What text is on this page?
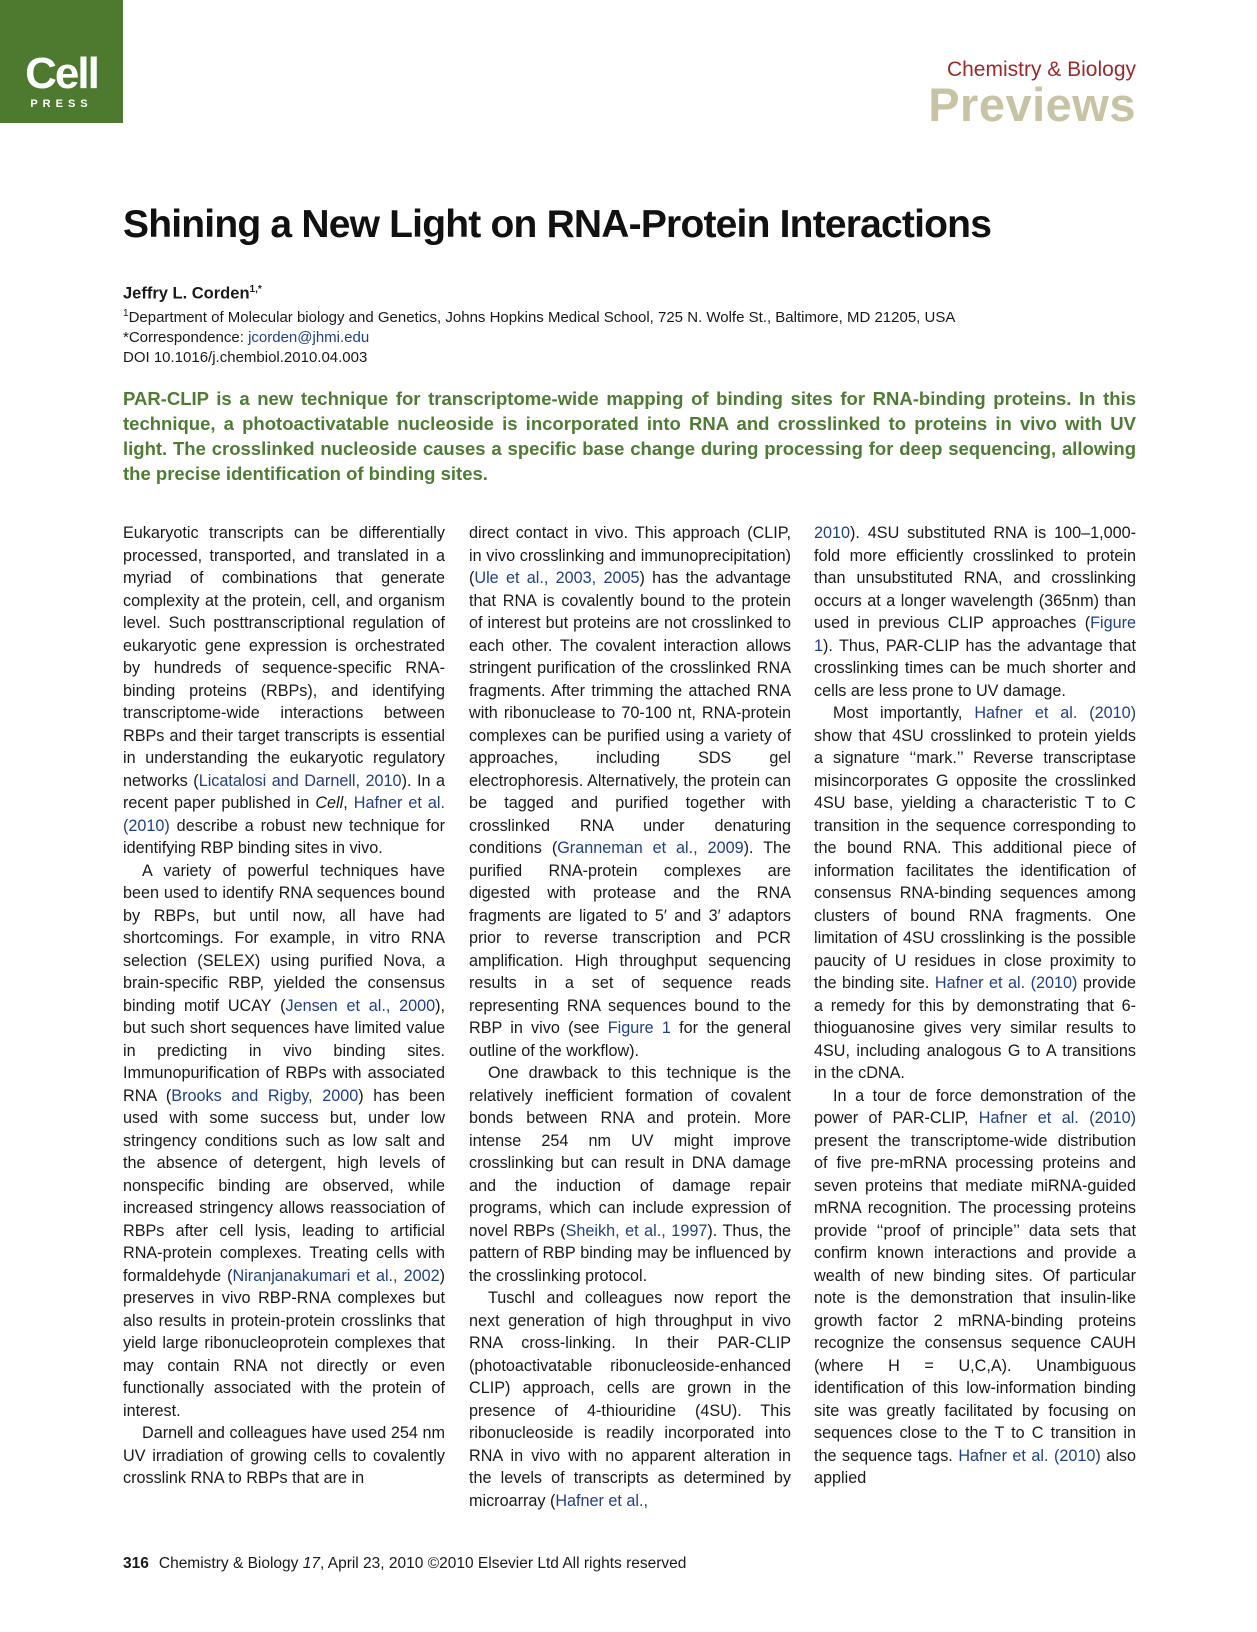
Cell
PRESS
Chemistry & Biology
Previews
Shining a New Light on RNA-Protein Interactions
Jeffry L. Corden$^{1,*}$
$^1$Department of Molecular biology and Genetics, Johns Hopkins Medical School, 725 N. Wolfe St., Baltimore, MD 21205, USA
*Correspondence: jcorden@jhmi.edu
DOI 10.1016/j.chembiol.2010.04.003

PAR-CLIP is a new technique for transcriptome-wide mapping of binding sites for RNA-binding proteins. In this technique, a photoactivatable nucleoside is incorporated into RNA and crosslinked to proteins in vivo with UV light. The crosslinked nucleoside causes a specific base change during processing for deep sequencing, allowing the precise identification of binding sites.

Eukaryotic transcripts can be differentially processed, transported, and translated in a myriad of combinations that generate complexity at the protein, cell, and organism level. Such posttranscriptional regulation of eukaryotic gene expression is orchestrated by hundreds of sequence-specific RNA-binding proteins (RBPs), and identifying transcriptome-wide interactions between RBPs and their target transcripts is essential in understanding the eukaryotic regulatory networks (Licatalosi and Darnell, 2010). In a recent paper published in Cell, Hafner et al. (2010) describe a robust new technique for identifying RBP binding sites in vivo.

A variety of powerful techniques have been used to identify RNA sequences bound by RBPs, but until now, all have had shortcomings. For example, in vitro RNA selection (SELEX) using purified Nova, a brain-specific RBP, yielded the consensus binding motif UCAY (Jensen et al., 2000), but such short sequences have limited value in predicting in vivo binding sites. Immunopurification of RBPs with associated RNA (Brooks and Rigby, 2000) has been used with some success but, under low stringency conditions such as low salt and the absence of detergent, high levels of nonspecific binding are observed, while increased stringency allows reassociation of RBPs after cell lysis, leading to artificial RNA-protein complexes. Treating cells with formaldehyde (Niranjanakumari et al., 2002) preserves in vivo RBP-RNA complexes but also results in protein-protein crosslinks that yield large ribonucleoprotein complexes that may contain RNA not directly or even functionally associated with the protein of interest.

Darnell and colleagues have used 254 nm UV irradiation of growing cells to covalently crosslink RNA to RBPs that are in

direct contact in vivo. This approach (CLIP, in vivo crosslinking and immunoprecipitation) (Ule et al., 2003, 2005) has the advantage that RNA is covalently bound to the protein of interest but proteins are not crosslinked to each other. The covalent interaction allows stringent purification of the crosslinked RNA fragments. After trimming the attached RNA with ribonuclease to 70-100 nt, RNA-protein complexes can be purified using a variety of approaches, including SDS gel electrophoresis. Alternatively, the protein can be tagged and purified together with crosslinked RNA under denaturing conditions (Granneman et al., 2009). The purified RNA-protein complexes are digested with protease and the RNA fragments are ligated to 5′ and 3′ adaptors prior to reverse transcription and PCR amplification. High throughput sequencing results in a set of sequence reads representing RNA sequences bound to the RBP in vivo (see Figure 1 for the general outline of the workflow).

One drawback to this technique is the relatively inefficient formation of covalent bonds between RNA and protein. More intense 254 nm UV might improve crosslinking but can result in DNA damage and the induction of damage repair programs, which can include expression of novel RBPs (Sheikh, et al., 1997). Thus, the pattern of RBP binding may be influenced by the crosslinking protocol.

Tuschl and colleagues now report the next generation of high throughput in vivo RNA cross-linking. In their PAR-CLIP (photoactivatable ribonucleoside-enhanced CLIP) approach, cells are grown in the presence of 4-thiouridine (4SU). This ribonucleoside is readily incorporated into RNA in vivo with no apparent alteration in the levels of transcripts as determined by microarray (Hafner et al.,

2010). 4SU substituted RNA is 100–1,000-fold more efficiently crosslinked to protein than unsubstituted RNA, and crosslinking occurs at a longer wavelength (365nm) than used in previous CLIP approaches (Figure 1). Thus, PAR-CLIP has the advantage that crosslinking times can be much shorter and cells are less prone to UV damage.

Most importantly, Hafner et al. (2010) show that 4SU crosslinked to protein yields a signature ‘‘mark.’’ Reverse transcriptase misincorporates G opposite the crosslinked 4SU base, yielding a characteristic T to C transition in the sequence corresponding to the bound RNA. This additional piece of information facilitates the identification of consensus RNA-binding sequences among clusters of bound RNA fragments. One limitation of 4SU crosslinking is the possible paucity of U residues in close proximity to the binding site. Hafner et al. (2010) provide a remedy for this by demonstrating that 6-thioguanosine gives very similar results to 4SU, including analogous G to A transitions in the cDNA.

In a tour de force demonstration of the power of PAR-CLIP, Hafner et al. (2010) present the transcriptome-wide distribution of five pre-mRNA processing proteins and seven proteins that mediate miRNA-guided mRNA recognition. The processing proteins provide ‘‘proof of principle’’ data sets that confirm known interactions and provide a wealth of new binding sites. Of particular note is the demonstration that insulin-like growth factor 2 mRNA-binding proteins recognize the consensus sequence CAUH (where H = U,C,A). Unambiguous identification of this low-information binding site was greatly facilitated by focusing on sequences close to the T to C transition in the sequence tags. Hafner et al. (2010) also applied

316 Chemistry & Biology 17, April 23, 2010 ©2010 Elsevier Ltd All rights reserved
